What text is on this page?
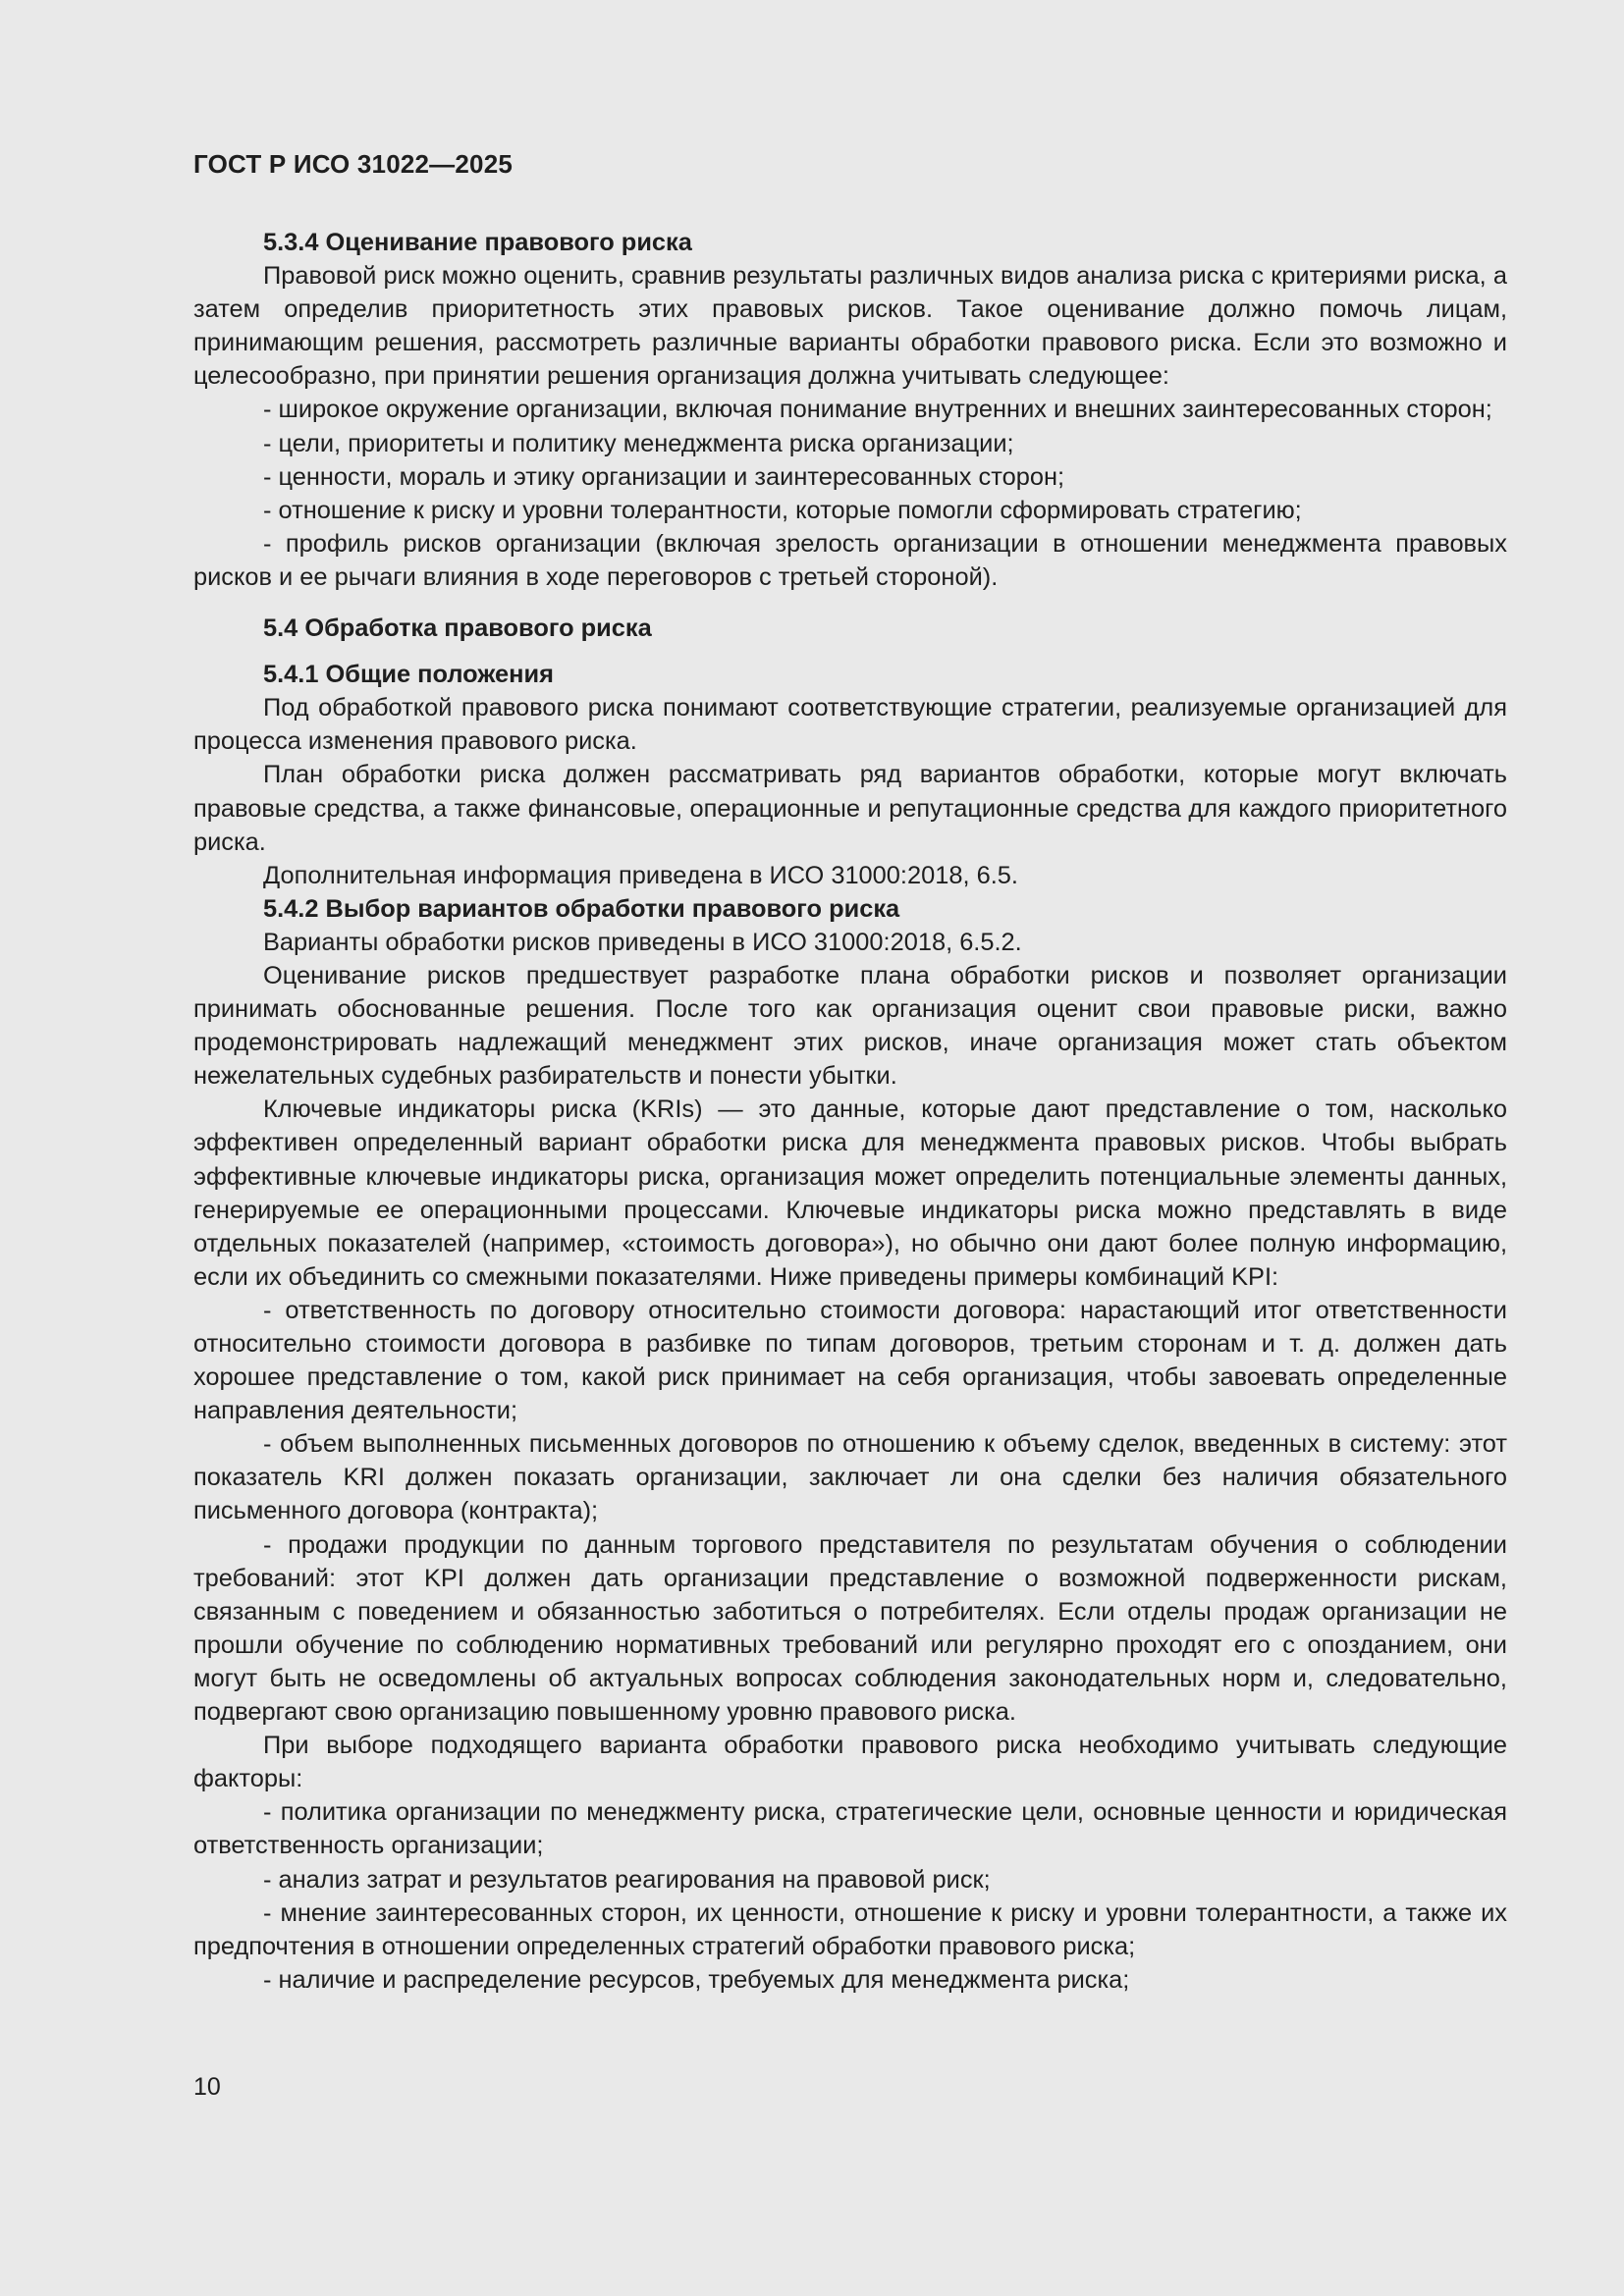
ГОСТ Р ИСО 31022—2025

5.3.4 Оценивание правового риска

Правовой риск можно оценить, сравнив результаты различных видов анализа риска с критериями риска, а затем определив приоритетность этих правовых рисков. Такое оценивание должно помочь лицам, принимающим решения, рассмотреть различные варианты обработки правового риска. Если это возможно и целесообразно, при принятии решения организация должна учитывать следующее:

- широкое окружение организации, включая понимание внутренних и внешних заинтересованных сторон;

- цели, приоритеты и политику менеджмента риска организации;

- ценности, мораль и этику организации и заинтересованных сторон;

- отношение к риску и уровни толерантности, которые помогли сформировать стратегию;

- профиль рисков организации (включая зрелость организации в отношении менеджмента правовых рисков и ее рычаги влияния в ходе переговоров с третьей стороной).

5.4 Обработка правового риска

5.4.1 Общие положения

Под обработкой правового риска понимают соответствующие стратегии, реализуемые организацией для процесса изменения правового риска.

План обработки риска должен рассматривать ряд вариантов обработки, которые могут включать правовые средства, а также финансовые, операционные и репутационные средства для каждого приоритетного риска.

Дополнительная информация приведена в ИСО 31000:2018, 6.5.

5.4.2 Выбор вариантов обработки правового риска

Варианты обработки рисков приведены в ИСО 31000:2018, 6.5.2.

Оценивание рисков предшествует разработке плана обработки рисков и позволяет организации принимать обоснованные решения. После того как организация оценит свои правовые риски, важно продемонстрировать надлежащий менеджмент этих рисков, иначе организация может стать объектом нежелательных судебных разбирательств и понести убытки.

Ключевые индикаторы риска (KRIs) — это данные, которые дают представление о том, насколько эффективен определенный вариант обработки риска для менеджмента правовых рисков. Чтобы выбрать эффективные ключевые индикаторы риска, организация может определить потенциальные элементы данных, генерируемые ее операционными процессами. Ключевые индикаторы риска можно представлять в виде отдельных показателей (например, «стоимость договора»), но обычно они дают более полную информацию, если их объединить со смежными показателями. Ниже приведены примеры комбинаций KPI:

- ответственность по договору относительно стоимости договора: нарастающий итог ответственности относительно стоимости договора в разбивке по типам договоров, третьим сторонам и т. д. должен дать хорошее представление о том, какой риск принимает на себя организация, чтобы завоевать определенные направления деятельности;

- объем выполненных письменных договоров по отношению к объему сделок, введенных в систему: этот показатель KRI должен показать организации, заключает ли она сделки без наличия обязательного письменного договора (контракта);

- продажи продукции по данным торгового представителя по результатам обучения о соблюдении требований: этот KPI должен дать организации представление о возможной подверженности рискам, связанным с поведением и обязанностью заботиться о потребителях. Если отделы продаж организации не прошли обучение по соблюдению нормативных требований или регулярно проходят его с опозданием, они могут быть не осведомлены об актуальных вопросах соблюдения законодательных норм и, следовательно, подвергают свою организацию повышенному уровню правового риска.

При выборе подходящего варианта обработки правового риска необходимо учитывать следующие факторы:

- политика организации по менеджменту риска, стратегические цели, основные ценности и юридическая ответственность организации;

- анализ затрат и результатов реагирования на правовой риск;

- мнение заинтересованных сторон, их ценности, отношение к риску и уровни толерантности, а также их предпочтения в отношении определенных стратегий обработки правового риска;

- наличие и распределение ресурсов, требуемых для менеджмента риска;

10
